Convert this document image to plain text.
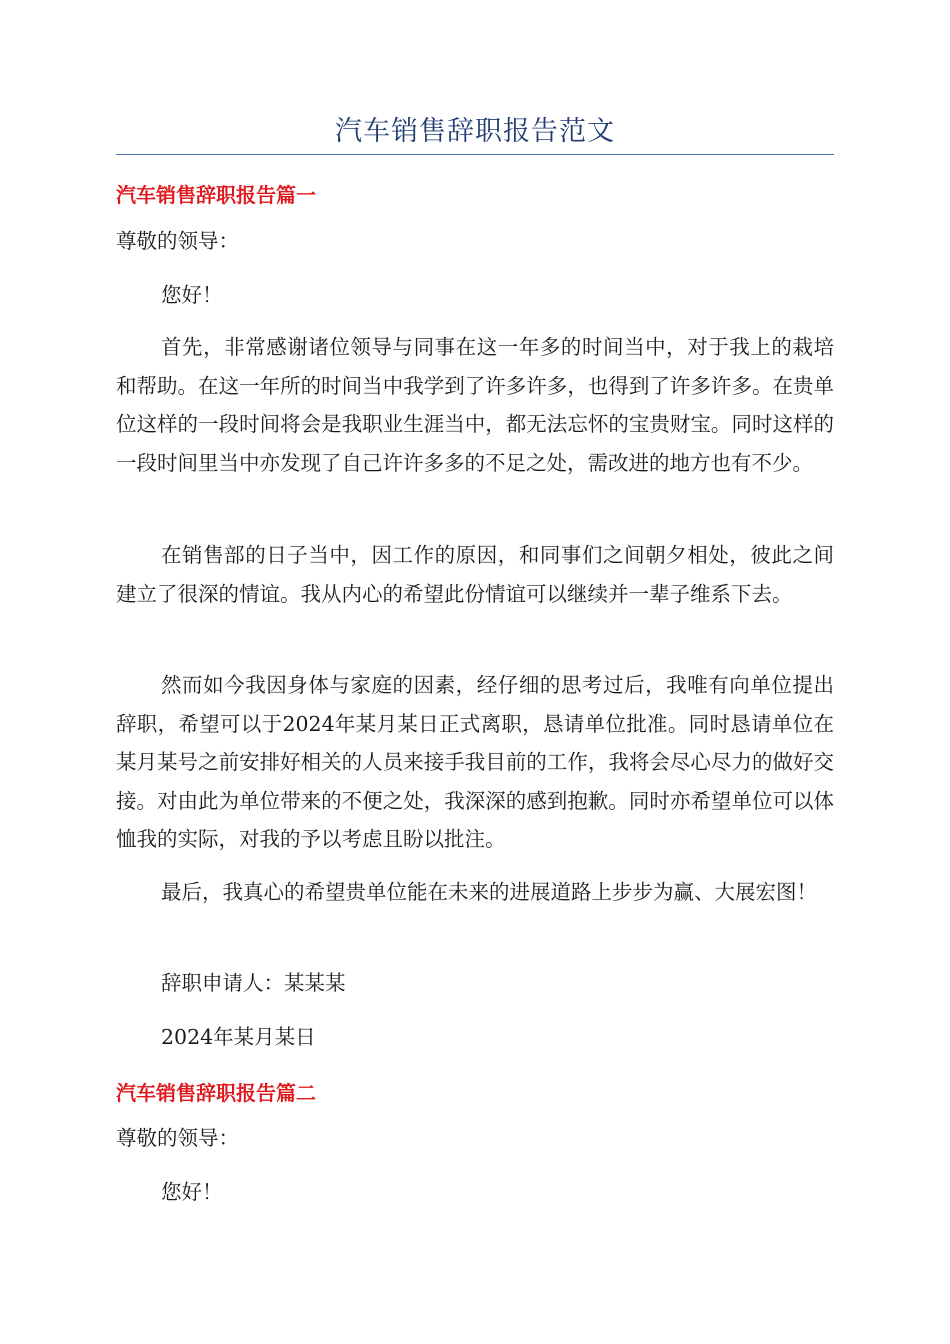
汽车销售辞职报告范文
汽车销售辞职报告篇一

尊敬的领导：

您好！

首先，非常感谢诸位领导与同事在这一年多的时间当中，对于我上的栽培和帮助。在这一年所的时间当中我学到了许多许多，也得到了许多许多。在贵单位这样的一段时间将会是我职业生涯当中，都无法忘怀的宝贵财宝。同时这样的一段时间里当中亦发现了自己许许多多的不足之处，需改进的地方也有不少。

在销售部的日子当中，因工作的原因，和同事们之间朝夕相处，彼此之间建立了很深的情谊。我从内心的希望此份情谊可以继续并一辈子维系下去。

然而如今我因身体与家庭的因素，经仔细的思考过后，我唯有向单位提出辞职，希望可以于2024年某月某日正式离职，恳请单位批准。同时恳请单位在某月某号之前安排好相关的人员来接手我目前的工作，我将会尽心尽力的做好交接。对由此为单位带来的不便之处，我深深的感到抱歉。同时亦希望单位可以体恤我的实际，对我的予以考虑且盼以批注。

最后，我真心的希望贵单位能在未来的进展道路上步步为赢、大展宏图！

辞职申请人：某某某

2024年某月某日

汽车销售辞职报告篇二

尊敬的领导：

您好！
